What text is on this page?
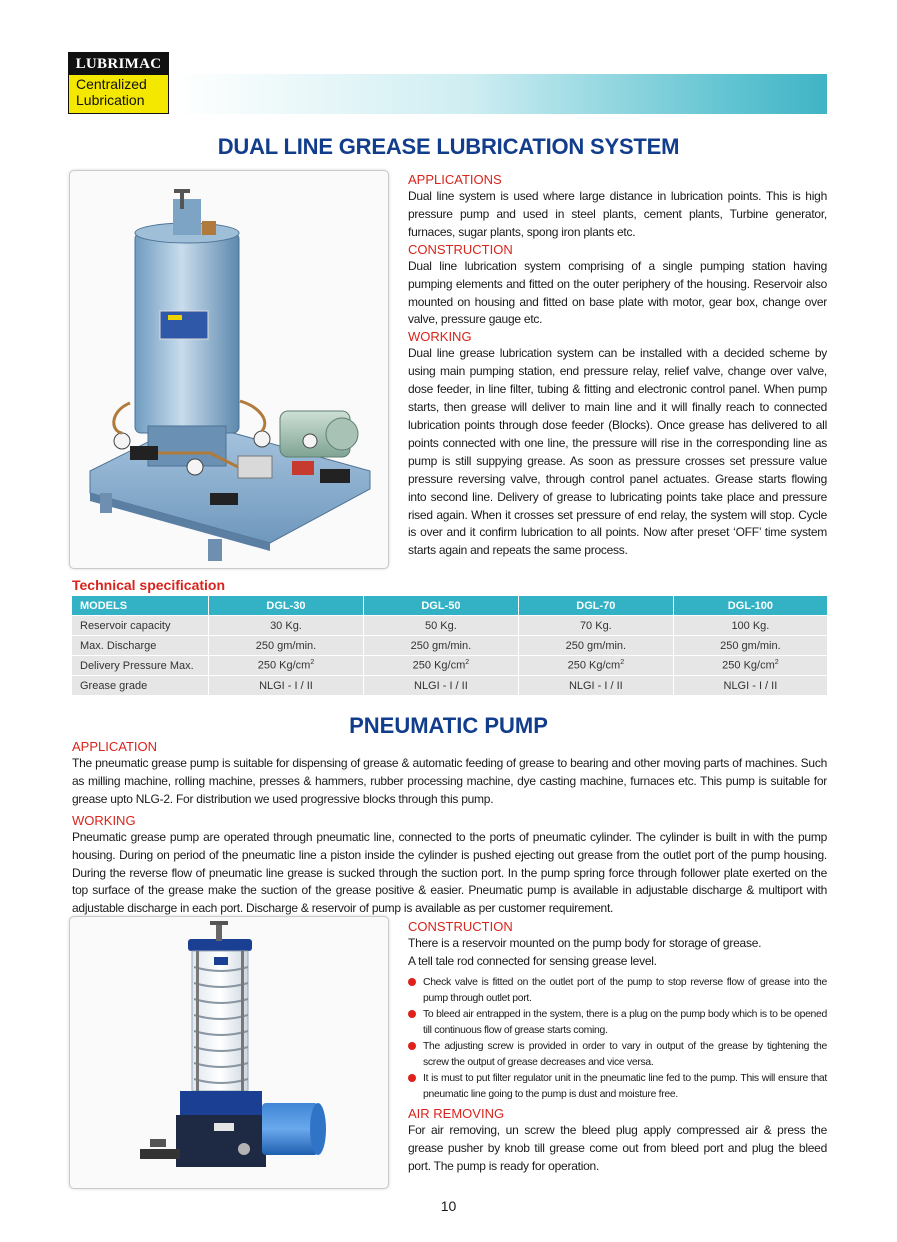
LUBRIMAC
Centralized
Lubrication
DUAL LINE GREASE LUBRICATION SYSTEM
APPLICATIONS
Dual line system is used where large distance in lubrication points. This is high pressure pump and used in steel plants, cement plants, Turbine generator, furnaces, sugar plants, spong iron plants etc.
CONSTRUCTION
Dual line lubrication system comprising of a single pumping station having pumping elements and fitted on the outer periphery of the housing. Reservoir also mounted on housing and fitted on base plate with motor, gear box, change over valve, pressure gauge etc.
WORKING
Dual line grease lubrication system can be installed with a decided scheme by using main pumping station, end pressure relay, relief valve, change over valve, dose feeder, in line filter, tubing & fitting and electronic control panel. When pump starts, then grease will deliver to main line and it will finally reach to connected lubrication points through dose feeder (Blocks). Once grease has delivered to all points connected with one line, the pressure will rise in the corresponding line as pump is still suppying grease. As soon as pressure crosses set pressure value pressure reversing valve, through control panel actuates. Grease starts flowing into second line. Delivery of grease to lubricating points take place and pressure rised again. When it crosses set pressure of end relay, the system will stop. Cycle is over and it confirm lubrication to all points. Now after preset ‘OFF’ time system starts again and repeats the same process.
Technical specification
MODELS	DGL-30	DGL-50	DGL-70	DGL-100
Reservoir capacity	30 Kg.	50 Kg.	70 Kg.	100 Kg.
Max. Discharge	250 gm/min.	250 gm/min.	250 gm/min.	250 gm/min.
Delivery Pressure Max.	250 $Kg/cm^2$	250 $Kg/cm^2$	250 $Kg/cm^2$	250 $Kg/cm^2$
Grease grade	NLGI - I / II	NLGI - I / II	NLGI - I / II	NLGI - I / II
PNEUMATIC PUMP
APPLICATION
The pneumatic grease pump is suitable for dispensing of grease & automatic feeding of grease to bearing and other moving parts of machines. Such as milling machine, rolling machine, presses & hammers, rubber processing machine, dye casting machine, furnaces etc. This pump is suitable for grease upto NLG-2. For distribution we used progressive blocks through this pump.
WORKING
Pneumatic grease pump are operated through pneumatic line, connected to the ports of pneumatic cylinder. The cylinder is built in with the pump housing. During on period of the pneumatic line a piston inside the cylinder is pushed ejecting out grease from the outlet port of the pump housing. During the reverse flow of pneumatic line grease is sucked through the suction port. In the pump spring force through follower plate exerted on the top surface of the grease make the suction of the grease positive & easier. Pneumatic pump is available in adjustable discharge & multiport with adjustable discharge in each port. Discharge & reservoir of pump is available as per customer requirement.
CONSTRUCTION
There is a reservoir mounted on the pump body for storage of grease.
A tell tale rod connected for sensing grease level.
Check valve is fitted on the outlet port of the pump to stop reverse flow of grease into the pump through outlet port.
To bleed air entrapped in the system, there is a plug on the pump body which is to be opened till continuous flow of grease starts coming.
The adjusting screw is provided in order to vary in output of the grease by tightening the screw the output of grease decreases and vice versa.
It is must to put filter regulator unit in the pneumatic line fed to the pump. This will ensure that pneumatic line going to the pump is dust and moisture free.
AIR REMOVING
For air removing, un screw the bleed plug apply compressed air & press the grease pusher by knob till grease come out from bleed port and plug the bleed port. The pump is ready for operation.
10
